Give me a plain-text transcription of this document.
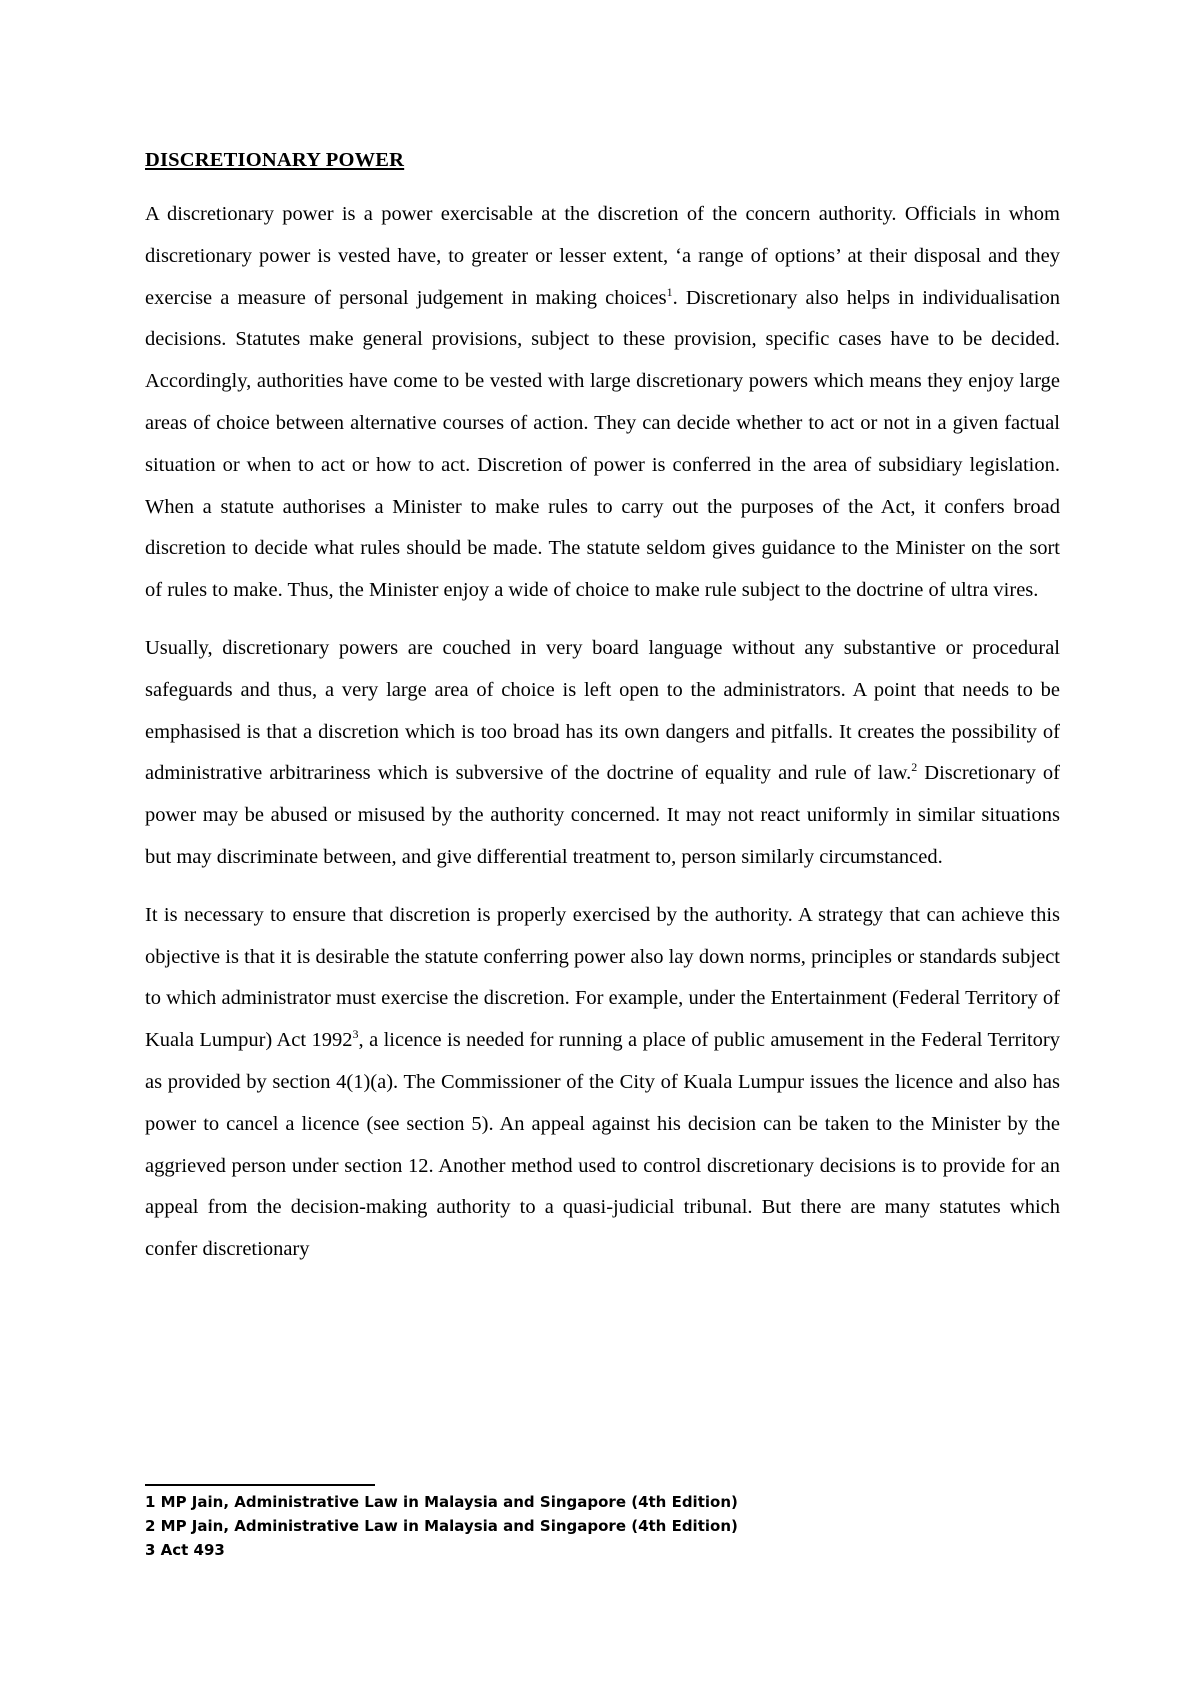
DISCRETIONARY POWER

A discretionary power is a power exercisable at the discretion of the concern authority. Officials in whom discretionary power is vested have, to greater or lesser extent, ‘a range of options’ at their disposal and they exercise a measure of personal judgement in making choices$^1$. Discretionary also helps in individualisation decisions. Statutes make general provisions, subject to these provision, specific cases have to be decided. Accordingly, authorities have come to be vested with large discretionary powers which means they enjoy large areas of choice between alternative courses of action. They can decide whether to act or not in a given factual situation or when to act or how to act. Discretion of power is conferred in the area of subsidiary legislation. When a statute authorises a Minister to make rules to carry out the purposes of the Act, it confers broad discretion to decide what rules should be made. The statute seldom gives guidance to the Minister on the sort of rules to make. Thus, the Minister enjoy a wide of choice to make rule subject to the doctrine of ultra vires.

Usually, discretionary powers are couched in very board language without any substantive or procedural safeguards and thus, a very large area of choice is left open to the administrators. A point that needs to be emphasised is that a discretion which is too broad has its own dangers and pitfalls. It creates the possibility of administrative arbitrariness which is subversive of the doctrine of equality and rule of law.$^2$ Discretionary of power may be abused or misused by the authority concerned. It may not react uniformly in similar situations but may discriminate between, and give differential treatment to, person similarly circumstanced.

It is necessary to ensure that discretion is properly exercised by the authority. A strategy that can achieve this objective is that it is desirable the statute conferring power also lay down norms, principles or standards subject to which administrator must exercise the discretion. For example, under the Entertainment (Federal Territory of Kuala Lumpur) Act 1992$^3$, a licence is needed for running a place of public amusement in the Federal Territory as provided by section 4(1)(a). The Commissioner of the City of Kuala Lumpur issues the licence and also has power to cancel a licence (see section 5). An appeal against his decision can be taken to the Minister by the aggrieved person under section 12. Another method used to control discretionary decisions is to provide for an appeal from the decision-making authority to a quasi-judicial tribunal. But there are many statutes which confer discretionary

1 MP Jain, Administrative Law in Malaysia and Singapore (4th Edition)

2 MP Jain, Administrative Law in Malaysia and Singapore (4th Edition)

3 Act 493
